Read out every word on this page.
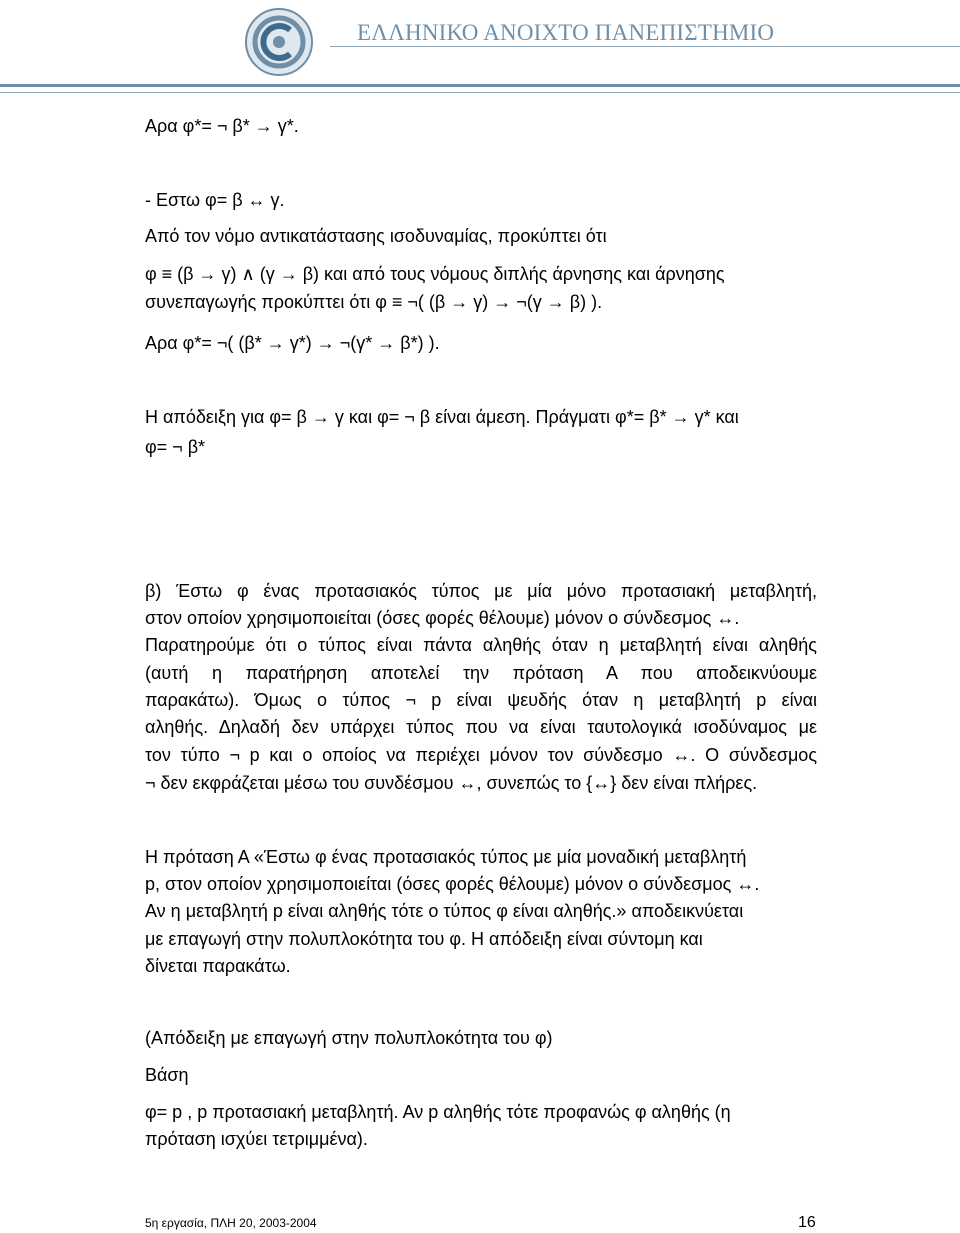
ΕΛΛΗΝΙΚΟ ΑΝΟΙΧΤΟ ΠΑΝΕΠΙΣΤΗΜΙΟ
Αρα φ*= ¬ β* → γ*.
- Εστω φ= β ↔ γ.
Από τον νόμο αντικατάστασης ισοδυναμίας, προκύπτει ότι
φ ≡ (β → γ) ∧ (γ → β) και από τους νόμους διπλής άρνησης και άρνησης
συνεπαγωγής προκύπτει ότι φ ≡ ¬( (β → γ) → ¬(γ → β) ).
Αρα φ*= ¬( (β* → γ*) → ¬(γ* → β*) ).
Η απόδειξη για φ= β → γ και φ= ¬ β είναι άμεση. Πράγματι φ*= β* → γ* και
φ= ¬ β*
β) Έστω φ ένας προτασιακός τύπος με μία μόνο προτασιακή μεταβλητή,
στον οποίον χρησιμοποιείται (όσες φορές θέλουμε) μόνον ο σύνδεσμος ↔.
Παρατηρούμε ότι ο τύπος είναι πάντα αληθής όταν η μεταβλητή είναι αληθής
(αυτή η παρατήρηση αποτελεί την πρόταση Α που αποδεικνύουμε
παρακάτω). Όμως ο τύπος ¬ p είναι ψευδής όταν η μεταβλητή p είναι
αληθής. Δηλαδή δεν υπάρχει τύπος που να είναι ταυτολογικά ισοδύναμος με
τον τύπο ¬ p και ο οποίος να περιέχει μόνον τον σύνδεσμο ↔. Ο σύνδεσμος
¬ δεν εκφράζεται μέσω του συνδέσμου ↔, συνεπώς το {↔} δεν είναι πλήρες.
Η πρόταση Α «Έστω φ ένας προτασιακός τύπος με μία μοναδική μεταβλητή
p, στον οποίον χρησιμοποιείται (όσες φορές θέλουμε) μόνον ο σύνδεσμος ↔.
Αν η μεταβλητή p είναι αληθής τότε ο τύπος φ είναι αληθής.» αποδεικνύεται
με επαγωγή στην πολυπλοκότητα του φ. Η απόδειξη είναι σύντομη και
δίνεται παρακάτω.
(Απόδειξη με επαγωγή στην πολυπλοκότητα του φ)
Βάση
φ= p , p προτασιακή μεταβλητή. Αν p αληθής τότε προφανώς φ αληθής (η
πρόταση ισχύει τετριμμένα).
5η εργασία, ΠΛΗ 20, 2003-2004	16
